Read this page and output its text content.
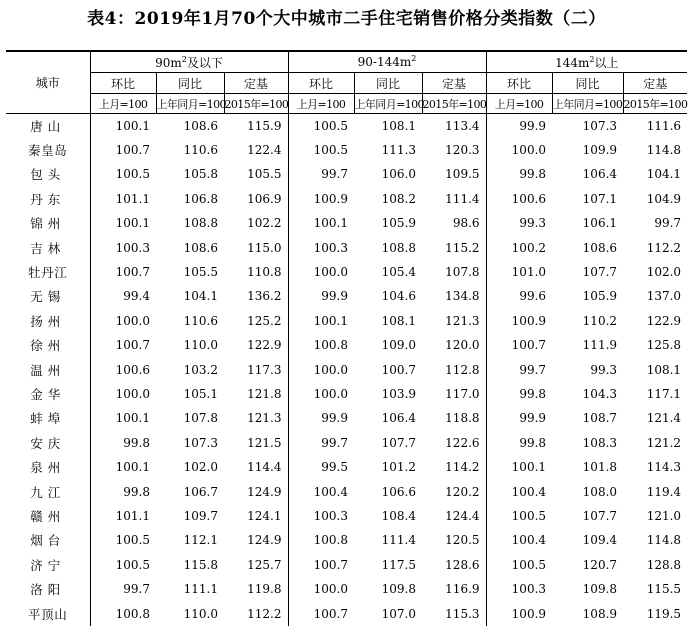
表4：2019年1月70个大中城市二手住宅销售价格分类指数（二）
城市	$90m^2$及以下			$90-144m^2$			$144m^2$以上		
	环比	同比	定基	环比	同比	定基	环比	同比	定基
	上月=100	上年同月=100	2015年=100	上月=100	上年同月=100	2015年=100	上月=100	上年同月=100	2015年=100
唐山	100.1	108.6	115.9	100.5	108.1	113.4	99.9	107.3	111.6
秦皇岛	100.7	110.6	122.4	100.5	111.3	120.3	100.0	109.9	114.8
包头	100.5	105.8	105.5	99.7	106.0	109.5	99.8	106.4	104.1
丹东	101.1	106.8	106.9	100.9	108.2	111.4	100.6	107.1	104.9
锦州	100.1	108.8	102.2	100.1	105.9	98.6	99.3	106.1	99.7
吉林	100.3	108.6	115.0	100.3	108.8	115.2	100.2	108.6	112.2
牡丹江	100.7	105.5	110.8	100.0	105.4	107.8	101.0	107.7	102.0
无锡	99.4	104.1	136.2	99.9	104.6	134.8	99.6	105.9	137.0
扬州	100.0	110.6	125.2	100.1	108.1	121.3	100.9	110.2	122.9
徐州	100.7	110.0	122.9	100.8	109.0	120.0	100.7	111.9	125.8
温州	100.6	103.2	117.3	100.0	100.7	112.8	99.7	99.3	108.1
金华	100.0	105.1	121.8	100.0	103.9	117.0	99.8	104.3	117.1
蚌埠	100.1	107.8	121.3	99.9	106.4	118.8	99.9	108.7	121.4
安庆	99.8	107.3	121.5	99.7	107.7	122.6	99.8	108.3	121.2
泉州	100.1	102.0	114.4	99.5	101.2	114.2	100.1	101.8	114.3
九江	99.8	106.7	124.9	100.4	106.6	120.2	100.4	108.0	119.4
赣州	101.1	109.7	124.1	100.3	108.4	124.4	100.5	107.7	121.0
烟台	100.5	112.1	124.9	100.8	111.4	120.5	100.4	109.4	114.8
济宁	100.5	115.8	125.7	100.7	117.5	128.6	100.5	120.7	128.8
洛阳	99.7	111.1	119.8	100.0	109.8	116.9	100.3	109.8	115.5
平顶山	100.8	110.0	112.2	100.7	107.0	115.3	100.9	108.9	119.5
